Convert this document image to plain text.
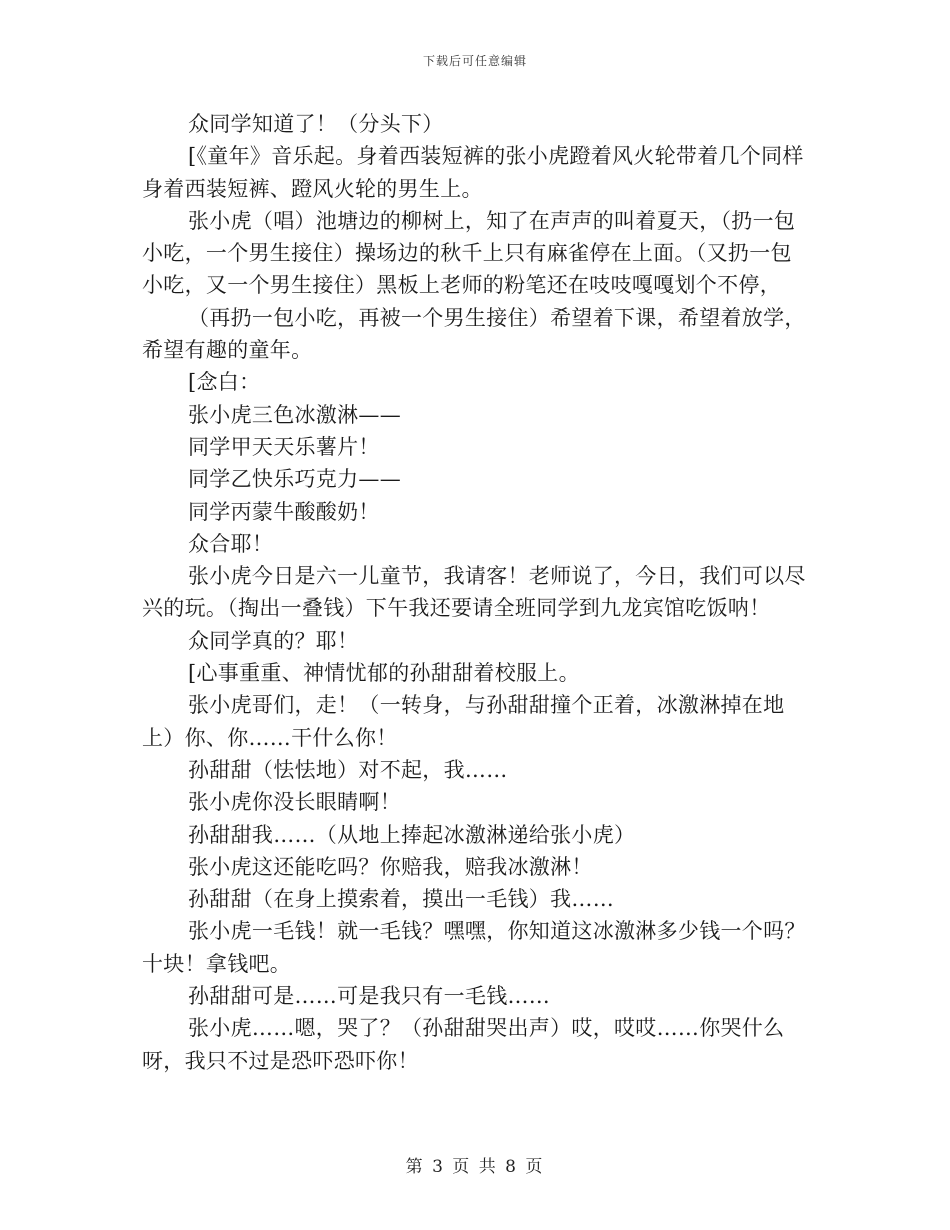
下载后可任意编辑

众同学知道了！（分头下）

[《童年》音乐起。身着西装短裤的张小虎蹬着风火轮带着几个同样身着西装短裤、蹬风火轮的男生上。

张小虎（唱）池塘边的柳树上，知了在声声的叫着夏天，（扔一包小吃，一个男生接住）操场边的秋千上只有麻雀停在上面。（又扔一包小吃，又一个男生接住）黑板上老师的粉笔还在吱吱嘎嘎划个不停，

（再扔一包小吃，再被一个男生接住）希望着下课，希望着放学，希望有趣的童年。

[念白：

张小虎三色冰激淋——

同学甲天天乐薯片！

同学乙快乐巧克力——

同学丙蒙牛酸酸奶！

众合耶！

张小虎今日是六一儿童节，我请客！老师说了，今日，我们可以尽兴的玩。（掏出一叠钱）下午我还要请全班同学到九龙宾馆吃饭呐！

众同学真的？耶！

[心事重重、神情忧郁的孙甜甜着校服上。

张小虎哥们，走！（一转身，与孙甜甜撞个正着，冰激淋掉在地上）你、你……干什么你！

孙甜甜（怯怯地）对不起，我……

张小虎你没长眼睛啊！

孙甜甜我……（从地上捧起冰激淋递给张小虎）

张小虎这还能吃吗？你赔我，赔我冰激淋！

孙甜甜（在身上摸索着，摸出一毛钱）我……

张小虎一毛钱！就一毛钱？嘿嘿，你知道这冰激淋多少钱一个吗？十块！拿钱吧。

孙甜甜可是……可是我只有一毛钱……

张小虎……嗯，哭了？（孙甜甜哭出声）哎，哎哎……你哭什么呀，我只不过是恐吓恐吓你！

第 3 页 共 8 页
